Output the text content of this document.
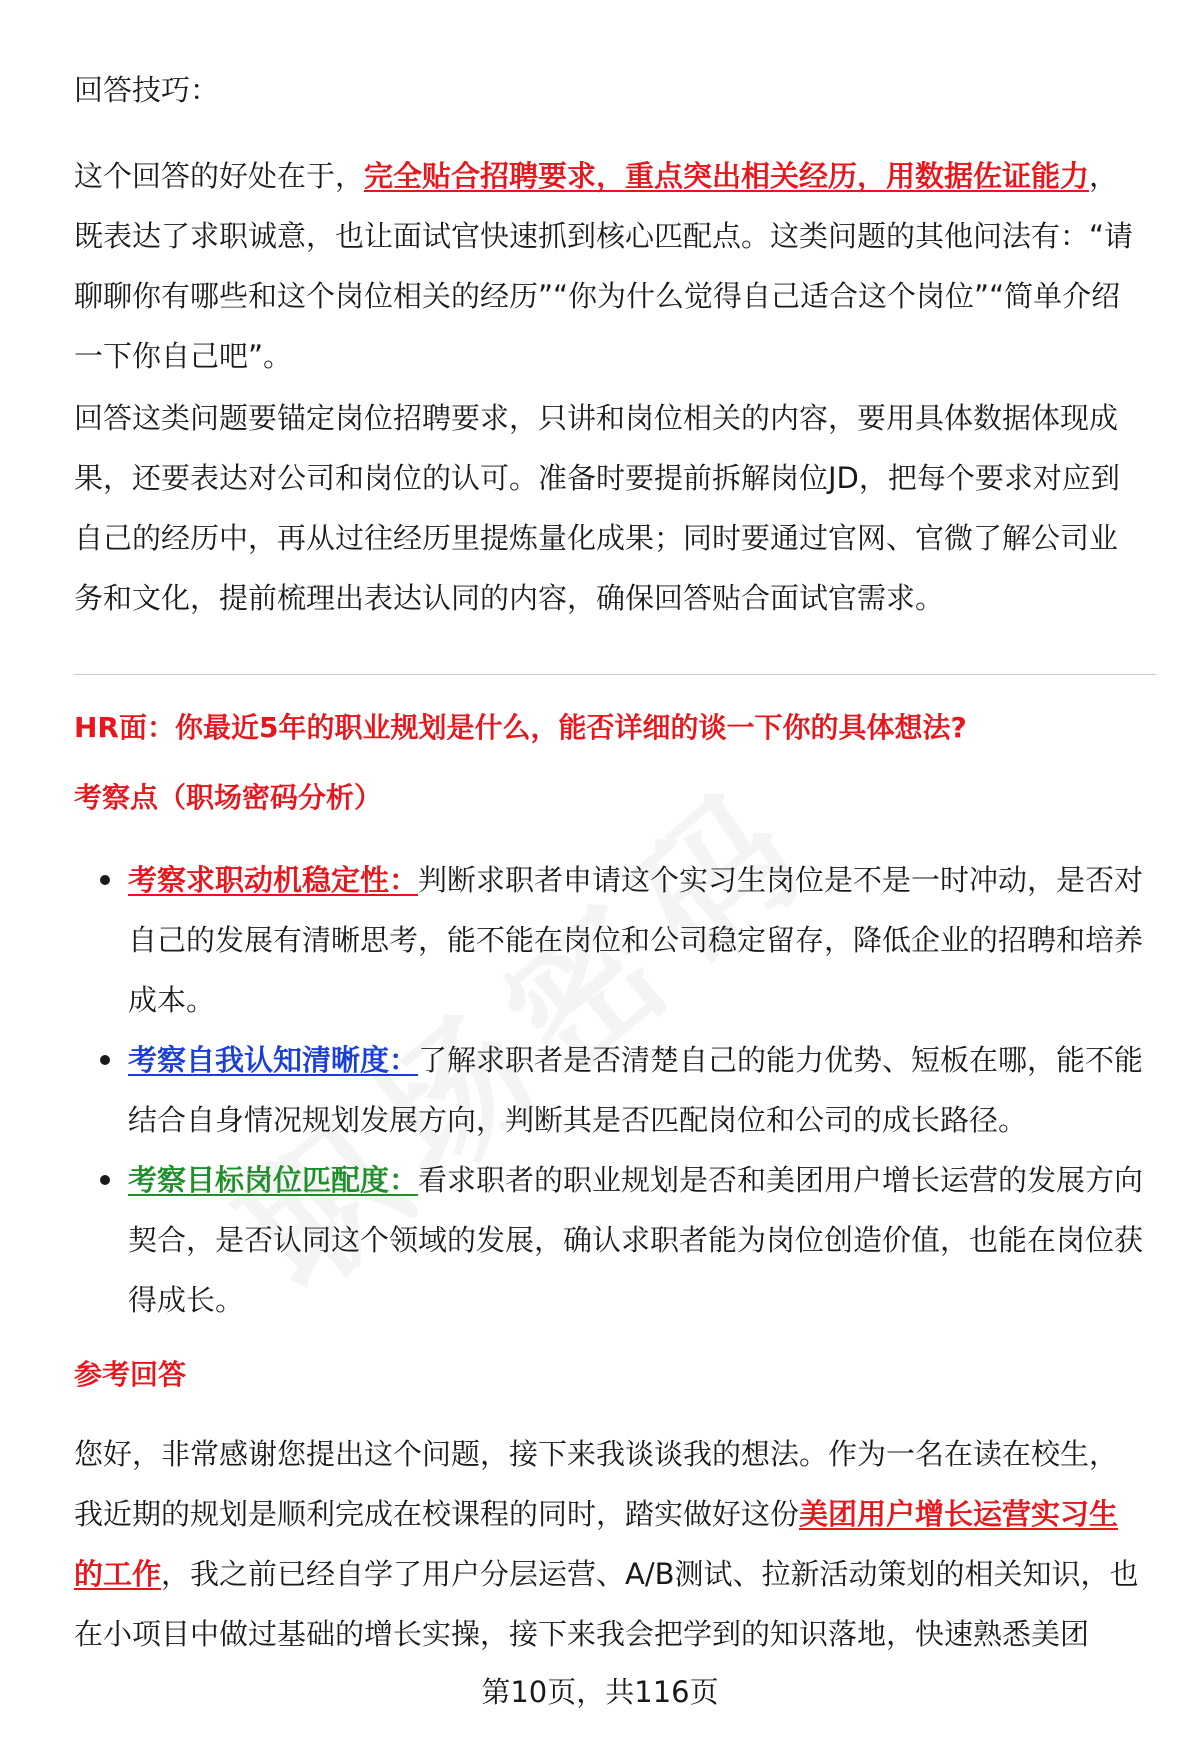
回答技巧：

这个回答的好处在于，完全贴合招聘要求，重点突出相关经历，用数据佐证能力，既表达了求职诚意，也让面试官快速抓到核心匹配点。这类问题的其他问法有：“请聊聊你有哪些和这个岗位相关的经历”“你为什么觉得自己适合这个岗位”“简单介绍一下你自己吧”。

回答这类问题要锚定岗位招聘要求，只讲和岗位相关的内容，要用具体数据体现成果，还要表达对公司和岗位的认可。准备时要提前拆解岗位JD，把每个要求对应到自己的经历中，再从过往经历里提炼量化成果；同时要通过官网、官微了解公司业务和文化，提前梳理出表达认同的内容，确保回答贴合面试官需求。

HR面：你最近5年的职业规划是什么，能否详细的谈一下你的具体想法?
考察点（职场密码分析）
考察求职动机稳定性：判断求职者申请这个实习生岗位是不是一时冲动，是否对自己的发展有清晰思考，能不能在岗位和公司稳定留存，降低企业的招聘和培养成本。
考察自我认知清晰度：了解求职者是否清楚自己的能力优势、短板在哪，能不能结合自身情况规划发展方向，判断其是否匹配岗位和公司的成长路径。
考察目标岗位匹配度：看求职者的职业规划是否和美团用户增长运营的发展方向契合，是否认同这个领域的发展，确认求职者能为岗位创造价值，也能在岗位获得成长。
参考回答

您好，非常感谢您提出这个问题，接下来我谈谈我的想法。作为一名在读在校生，我近期的规划是顺利完成在校课程的同时，踏实做好这份美团用户增长运营实习生的工作，我之前已经自学了用户分层运营、A/B测试、拉新活动策划的相关知识，也在小项目中做过基础的增长实操，接下来我会把学到的知识落地，快速熟悉美团

第10页，共116页
